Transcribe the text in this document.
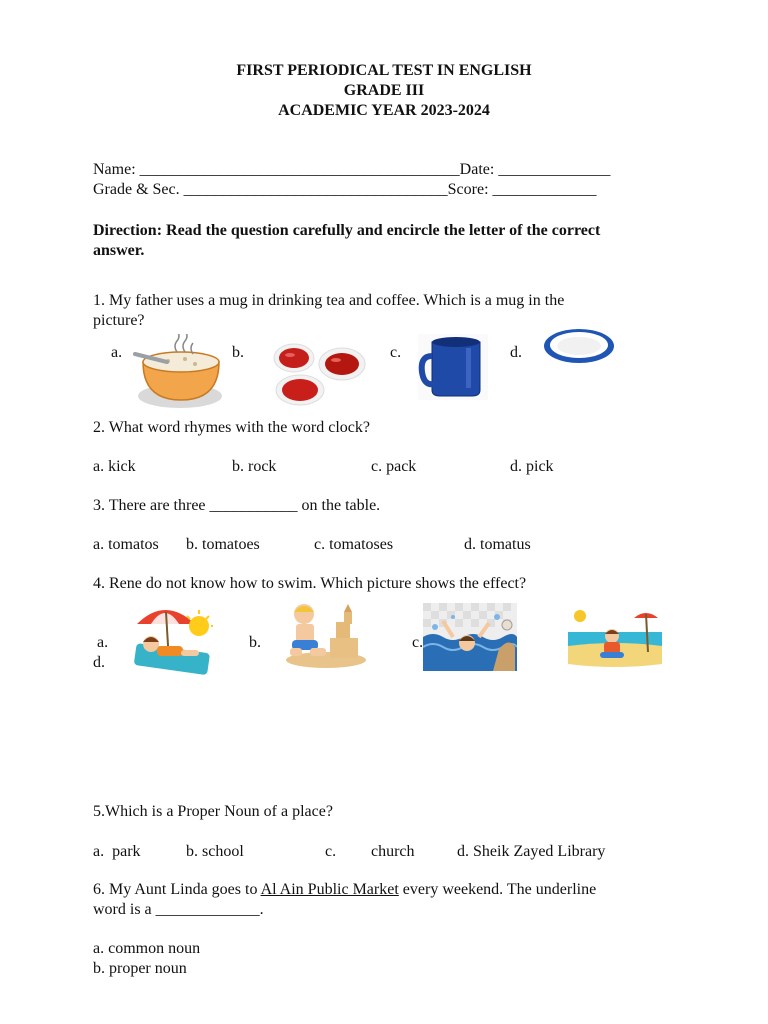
FIRST PERIODICAL TEST IN ENGLISH
GRADE III
ACADEMIC YEAR 2023-2024
Name: ________________________________________Date: ______________
Grade & Sec. _________________________________Score: _____________
Direction: Read the question carefully and encircle the letter of the correct
answer.
1. My father uses a mug in drinking tea and coffee. Which is a mug in the
picture?
a.	b.	c.	d.
2. What word rhymes with the word clock?
a. kick	b. rock	c. pack	d. pick
3. There are three ___________ on the table.
a. tomatos b. tomatoes	c. tomatoses	d. tomatus
4. Rene do not know how to swim. Which picture shows the effect?
a.	b.	c.
d.
5.Which is a Proper Noun of a place?
a.  park	b. school	c. church	d. Sheik Zayed Library
6. My Aunt Linda goes to Al Ain Public Market every weekend. The underline
word is a _____________.
a. common noun
b. proper noun
